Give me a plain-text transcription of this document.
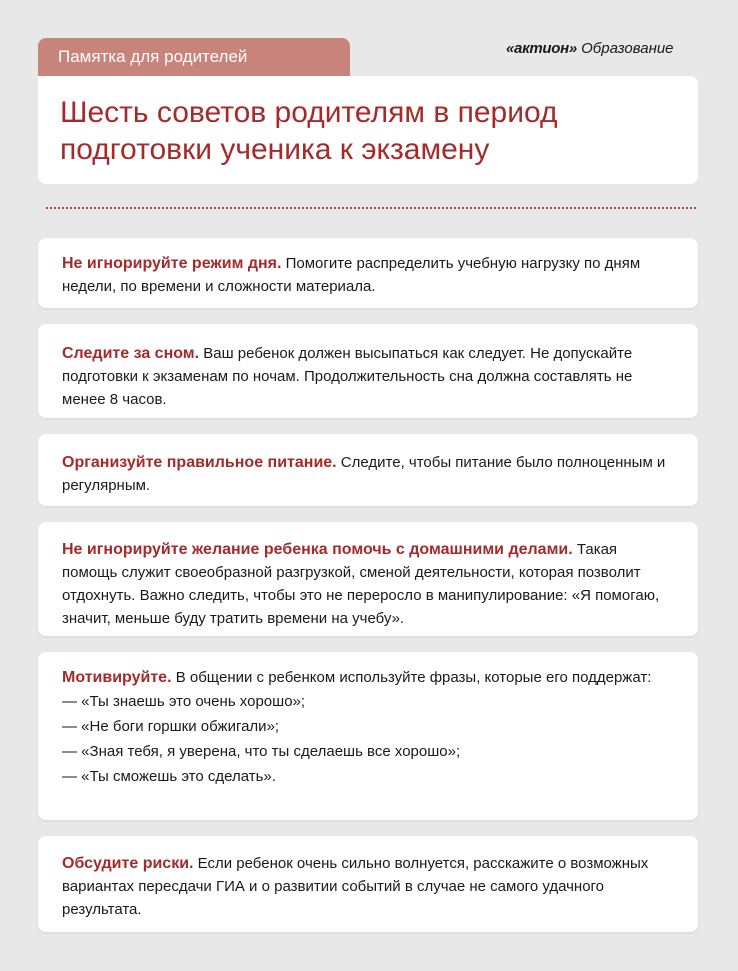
Памятка для родителей	«актион» Образование
Шесть советов родителям в период подготовки ученика к экзамену

Не игнорируйте режим дня. Помогите распределить учебную нагрузку по дням недели, по времени и сложности материала.

Следите за сном. Ваш ребенок должен высыпаться как следует. Не допускайте подготовки к экзаменам по ночам. Продолжительность сна должна составлять не менее 8 часов.

Организуйте правильное питание. Следите, чтобы питание было полноценным и регулярным.

Не игнорируйте желание ребенка помочь с домашними делами. Такая помощь служит своеобразной разгрузкой, сменой деятельности, которая позволит отдохнуть. Важно следить, чтобы это не переросло в манипулирование: «Я помогаю, значит, меньше буду тратить времени на учебу».

Мотивируйте. В общении с ребенком используйте фразы, которые его поддержат:

— «Ты знаешь это очень хорошо»;
— «Не боги горшки обжигали»;
— «Зная тебя, я уверена, что ты сделаешь все хорошо»;
— «Ты сможешь это сделать».

Обсудите риски. Если ребенок очень сильно волнуется, расскажите о возможных вариантах пересдачи ГИА и о развитии событий в случае не самого удачного результата.
